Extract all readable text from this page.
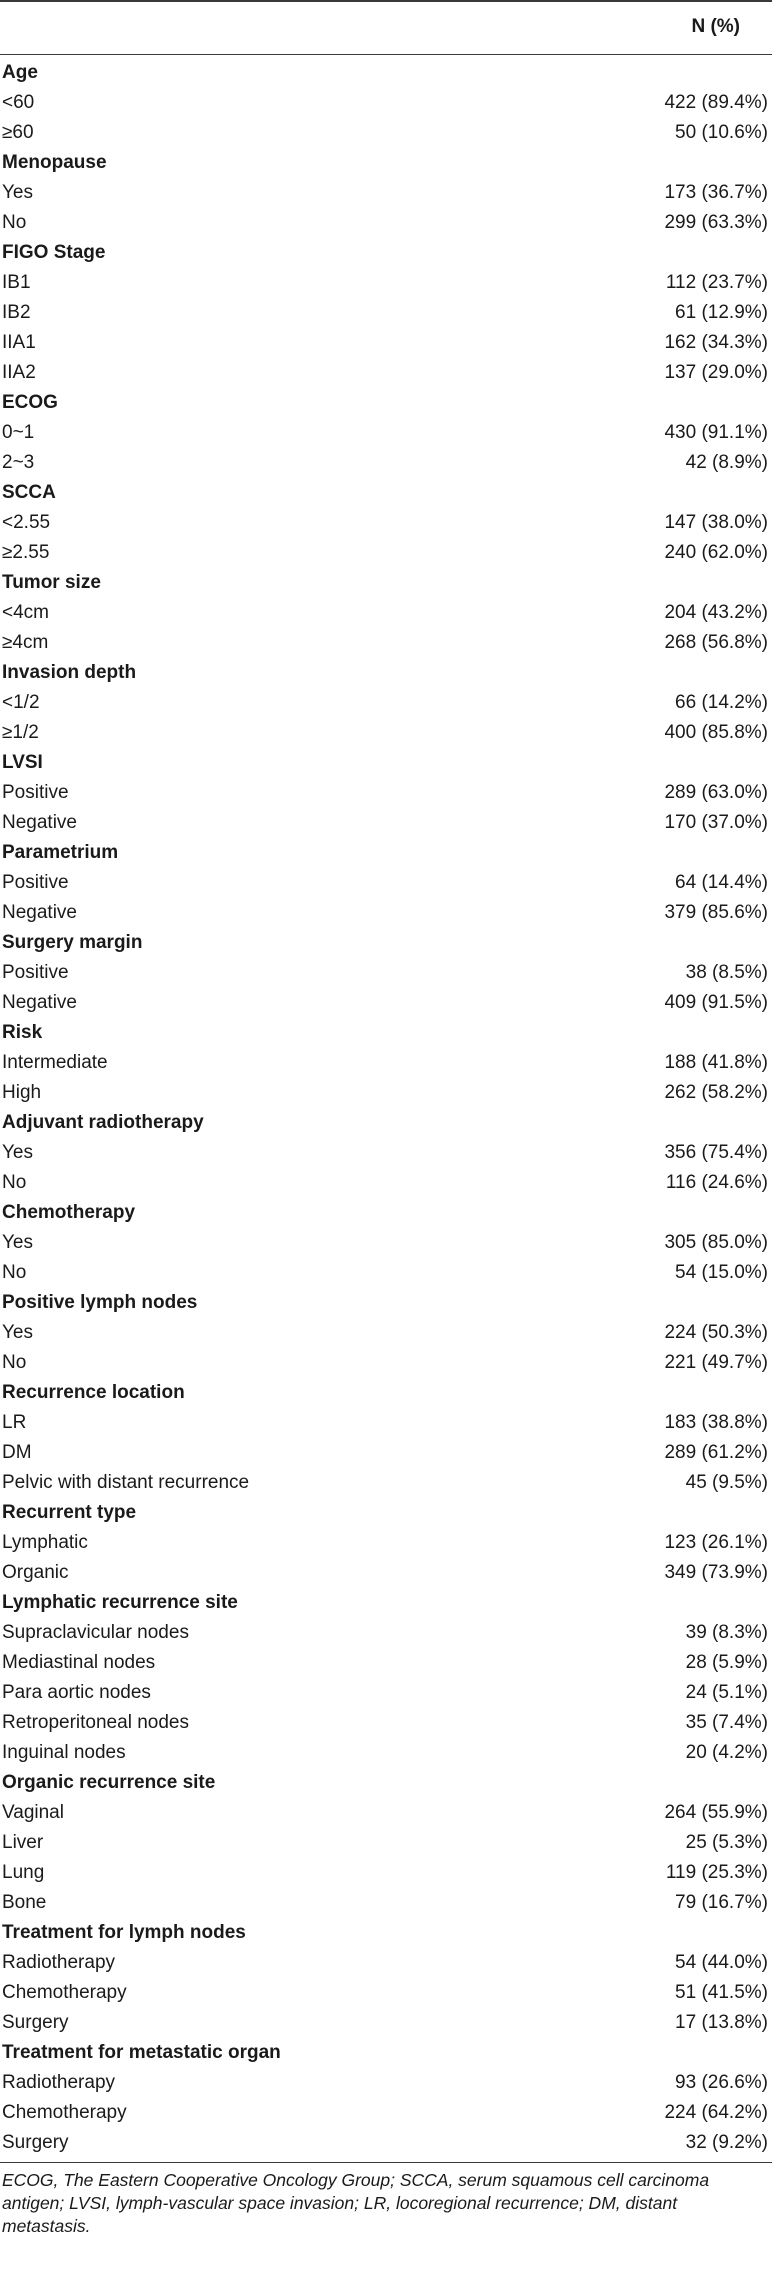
N (%)
Age
<60	422 (89.4%)
≥60	50 (10.6%)
Menopause
Yes	173 (36.7%)
No	299 (63.3%)
FIGO Stage
IB1	112 (23.7%)
IB2	61 (12.9%)
IIA1	162 (34.3%)
IIA2	137 (29.0%)
ECOG
0~1	430 (91.1%)
2~3	42 (8.9%)
SCCA
<2.55	147 (38.0%)
≥2.55	240 (62.0%)
Tumor size
<4cm	204 (43.2%)
≥4cm	268 (56.8%)
Invasion depth
<1/2	66 (14.2%)
≥1/2	400 (85.8%)
LVSI
Positive	289 (63.0%)
Negative	170 (37.0%)
Parametrium
Positive	64 (14.4%)
Negative	379 (85.6%)
Surgery margin
Positive	38 (8.5%)
Negative	409 (91.5%)
Risk
Intermediate	188 (41.8%)
High	262 (58.2%)
Adjuvant radiotherapy
Yes	356 (75.4%)
No	116 (24.6%)
Chemotherapy
Yes	305 (85.0%)
No	54 (15.0%)
Positive lymph nodes
Yes	224 (50.3%)
No	221 (49.7%)
Recurrence location
LR	183 (38.8%)
DM	289 (61.2%)
Pelvic with distant recurrence	45 (9.5%)
Recurrent type
Lymphatic	123 (26.1%)
Organic	349 (73.9%)
Lymphatic recurrence site
Supraclavicular nodes	39 (8.3%)
Mediastinal nodes	28 (5.9%)
Para aortic nodes	24 (5.1%)
Retroperitoneal nodes	35 (7.4%)
Inguinal nodes	20 (4.2%)
Organic recurrence site
Vaginal	264 (55.9%)
Liver	25 (5.3%)
Lung	119 (25.3%)
Bone	79 (16.7%)
Treatment for lymph nodes
Radiotherapy	54 (44.0%)
Chemotherapy	51 (41.5%)
Surgery	17 (13.8%)
Treatment for metastatic organ
Radiotherapy	93 (26.6%)
Chemotherapy	224 (64.2%)
Surgery	32 (9.2%)
ECOG, The Eastern Cooperative Oncology Group; SCCA, serum squamous cell carcinoma antigen; LVSI, lymph-vascular space invasion; LR, locoregional recurrence; DM, distant metastasis.
